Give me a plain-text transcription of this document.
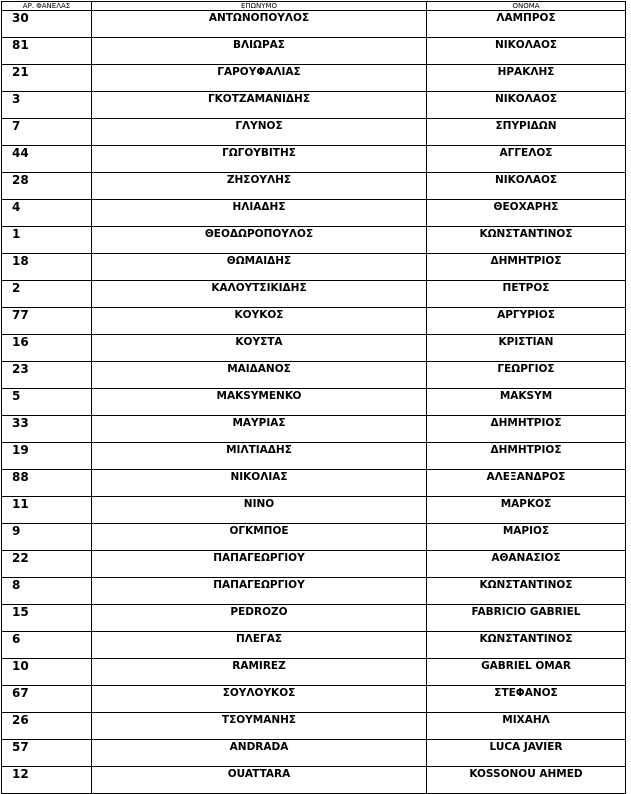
ΑΡ. ΦΑΝΕΛΑΣ	ΕΠΩΝΥΜΟ	ΟΝΟΜΑ
30	ΑΝΤΩΝΟΠΟΥΛΟΣ	ΛΑΜΠΡΟΣ
81	ΒΛΙΩΡΑΣ	ΝΙΚΟΛΑΟΣ
21	ΓΑΡΟΥΦΑΛΙΑΣ	ΗΡΑΚΛΗΣ
3	ΓΚΟΤΖΑΜΑΝΙΔΗΣ	ΝΙΚΟΛΑΟΣ
7	ΓΛΥΝΟΣ	ΣΠΥΡΙΔΩΝ
44	ΓΩΓΟΥΒΙΤΗΣ	ΑΓΓΕΛΟΣ
28	ΖΗΣΟΥΛΗΣ	ΝΙΚΟΛΑΟΣ
4	ΗΛΙΑΔΗΣ	ΘΕΟΧΑΡΗΣ
1	ΘΕΟΔΩΡΟΠΟΥΛΟΣ	ΚΩΝΣΤΑΝΤΙΝΟΣ
18	ΘΩΜΑΙΔΗΣ	ΔΗΜΗΤΡΙΟΣ
2	ΚΑΛΟΥΤΣΙΚΙΔΗΣ	ΠΕΤΡΟΣ
77	ΚΟΥΚΟΣ	ΑΡΓΥΡΙΟΣ
16	ΚΟΥΣΤΑ	ΚΡΙΣΤΙΑΝ
23	ΜΑΙΔΑΝΟΣ	ΓΕΩΡΓΙΟΣ
5	MAKSYMENKO	MAKSYM
33	ΜΑΥΡΙΑΣ	ΔΗΜΗΤΡΙΟΣ
19	ΜΙΛΤΙΑΔΗΣ	ΔΗΜΗΤΡΙΟΣ
88	ΝΙΚΟΛΙΑΣ	ΑΛΕΞΑΝΔΡΟΣ
11	ΝΙΝΟ	ΜΑΡΚΟΣ
9	ΟΓΚΜΠΟΕ	ΜΑΡΙΟΣ
22	ΠΑΠΑΓΕΩΡΓΙΟΥ	ΑΘΑΝΑΣΙΟΣ
8	ΠΑΠΑΓΕΩΡΓΙΟΥ	ΚΩΝΣΤΑΝΤΙΝΟΣ
15	PEDROZO	FABRICIO GABRIEL
6	ΠΛΕΓΑΣ	ΚΩΝΣΤΑΝΤΙΝΟΣ
10	RAMIREZ	GABRIEL OMAR
67	ΣΟΥΛΟΥΚΟΣ	ΣΤΕΦΑΝΟΣ
26	ΤΣΟΥΜΑΝΗΣ	ΜΙΧΑΗΛ
57	ANDRADA	LUCA JAVIER
12	OUATTARA	KOSSONOU AHMED
